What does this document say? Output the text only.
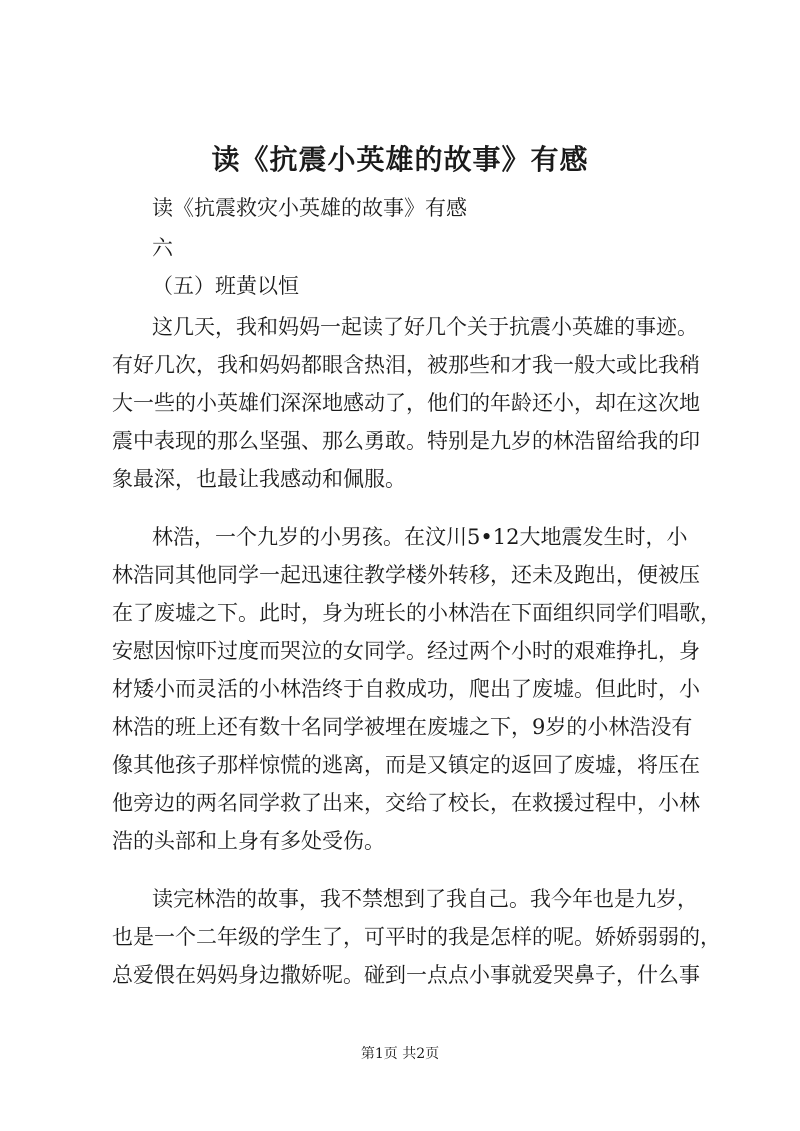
读《抗震小英雄的故事》有感
读《抗震救灾小英雄的故事》有感
六
（五）班黄以恒
这几天，我和妈妈一起读了好几个关于抗震小英雄的事迹。
有好几次，我和妈妈都眼含热泪，被那些和才我一般大或比我稍
大一些的小英雄们深深地感动了，他们的年龄还小，却在这次地
震中表现的那么坚强、那么勇敢。特别是九岁的林浩留给我的印
象最深，也最让我感动和佩服。
林浩，一个九岁的小男孩。在汶川5•12大地震发生时，小
林浩同其他同学一起迅速往教学楼外转移，还未及跑出，便被压
在了废墟之下。此时，身为班长的小林浩在下面组织同学们唱歌，
安慰因惊吓过度而哭泣的女同学。经过两个小时的艰难挣扎，身
材矮小而灵活的小林浩终于自救成功，爬出了废墟。但此时，小
林浩的班上还有数十名同学被埋在废墟之下，9岁的小林浩没有
像其他孩子那样惊慌的逃离，而是又镇定的返回了废墟，将压在
他旁边的两名同学救了出来，交给了校长，在救援过程中，小林
浩的头部和上身有多处受伤。
读完林浩的故事，我不禁想到了我自己。我今年也是九岁，
也是一个二年级的学生了，可平时的我是怎样的呢。娇娇弱弱的，
总爱偎在妈妈身边撒娇呢。碰到一点点小事就爱哭鼻子，什么事
第1页 共2页
